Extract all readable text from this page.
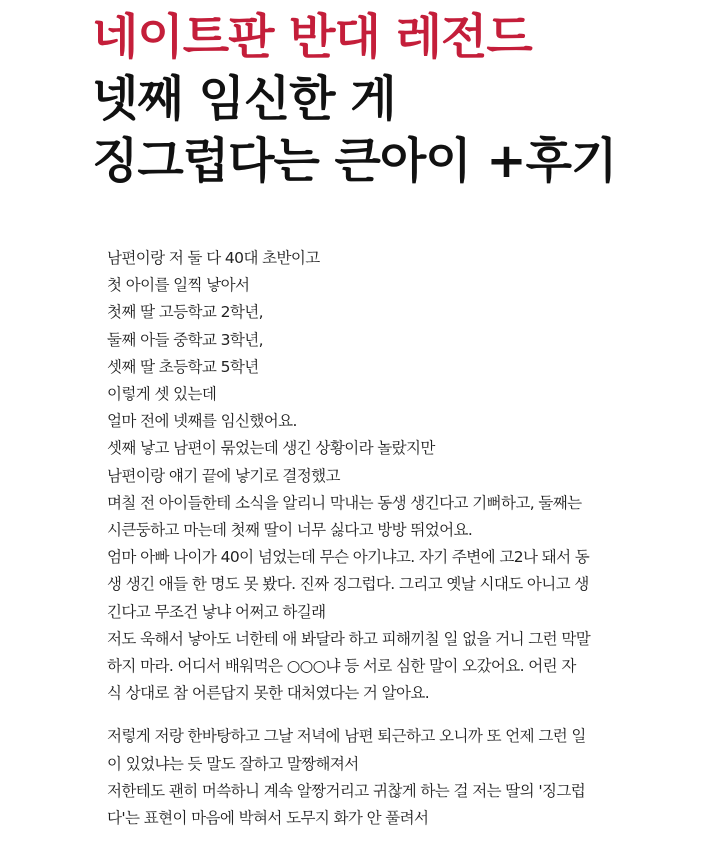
네이트판 반대 레전드
넷째 임신한 게
징그럽다는 큰아이 +후기

남편이랑 저 둘 다 40대 초반이고

첫 아이를 일찍 낳아서

첫째 딸 고등학교 2학년,

둘째 아들 중학교 3학년,

셋째 딸 초등학교 5학년

이렇게 셋 있는데

얼마 전에 넷째를 임신했어요.

셋째 낳고 남편이 묶었는데 생긴 상황이라 놀랐지만

남편이랑 얘기 끝에 낳기로 결정했고

며칠 전 아이들한테 소식을 알리니 막내는 동생 생긴다고 기뻐하고, 둘째는

시큰둥하고 마는데 첫째 딸이 너무 싫다고 방방 뛰었어요.

엄마 아빠 나이가 40이 넘었는데 무슨 아기냐고. 자기 주변에 고2나 돼서 동

생 생긴 애들 한 명도 못 봤다. 진짜 징그럽다. 그리고 옛날 시대도 아니고 생

긴다고 무조건 낳냐 어쩌고 하길래

저도 욱해서 낳아도 너한테 애 봐달라 하고 피해끼칠 일 없을 거니 그런 막말

하지 마라. 어디서 배워먹은 ○○○냐 등 서로 심한 말이 오갔어요. 어린 자

식 상대로 참 어른답지 못한 대처였다는 거 알아요.

저렇게 저랑 한바탕하고 그날 저녁에 남편 퇴근하고 오니까 또 언제 그런 일

이 있었냐는 듯 말도 잘하고 말짱해져서

저한테도 괜히 머쓱하니 계속 알짱거리고 귀찮게 하는 걸 저는 딸의 '징그럽

다'는 표현이 마음에 박혀서 도무지 화가 안 풀려서
